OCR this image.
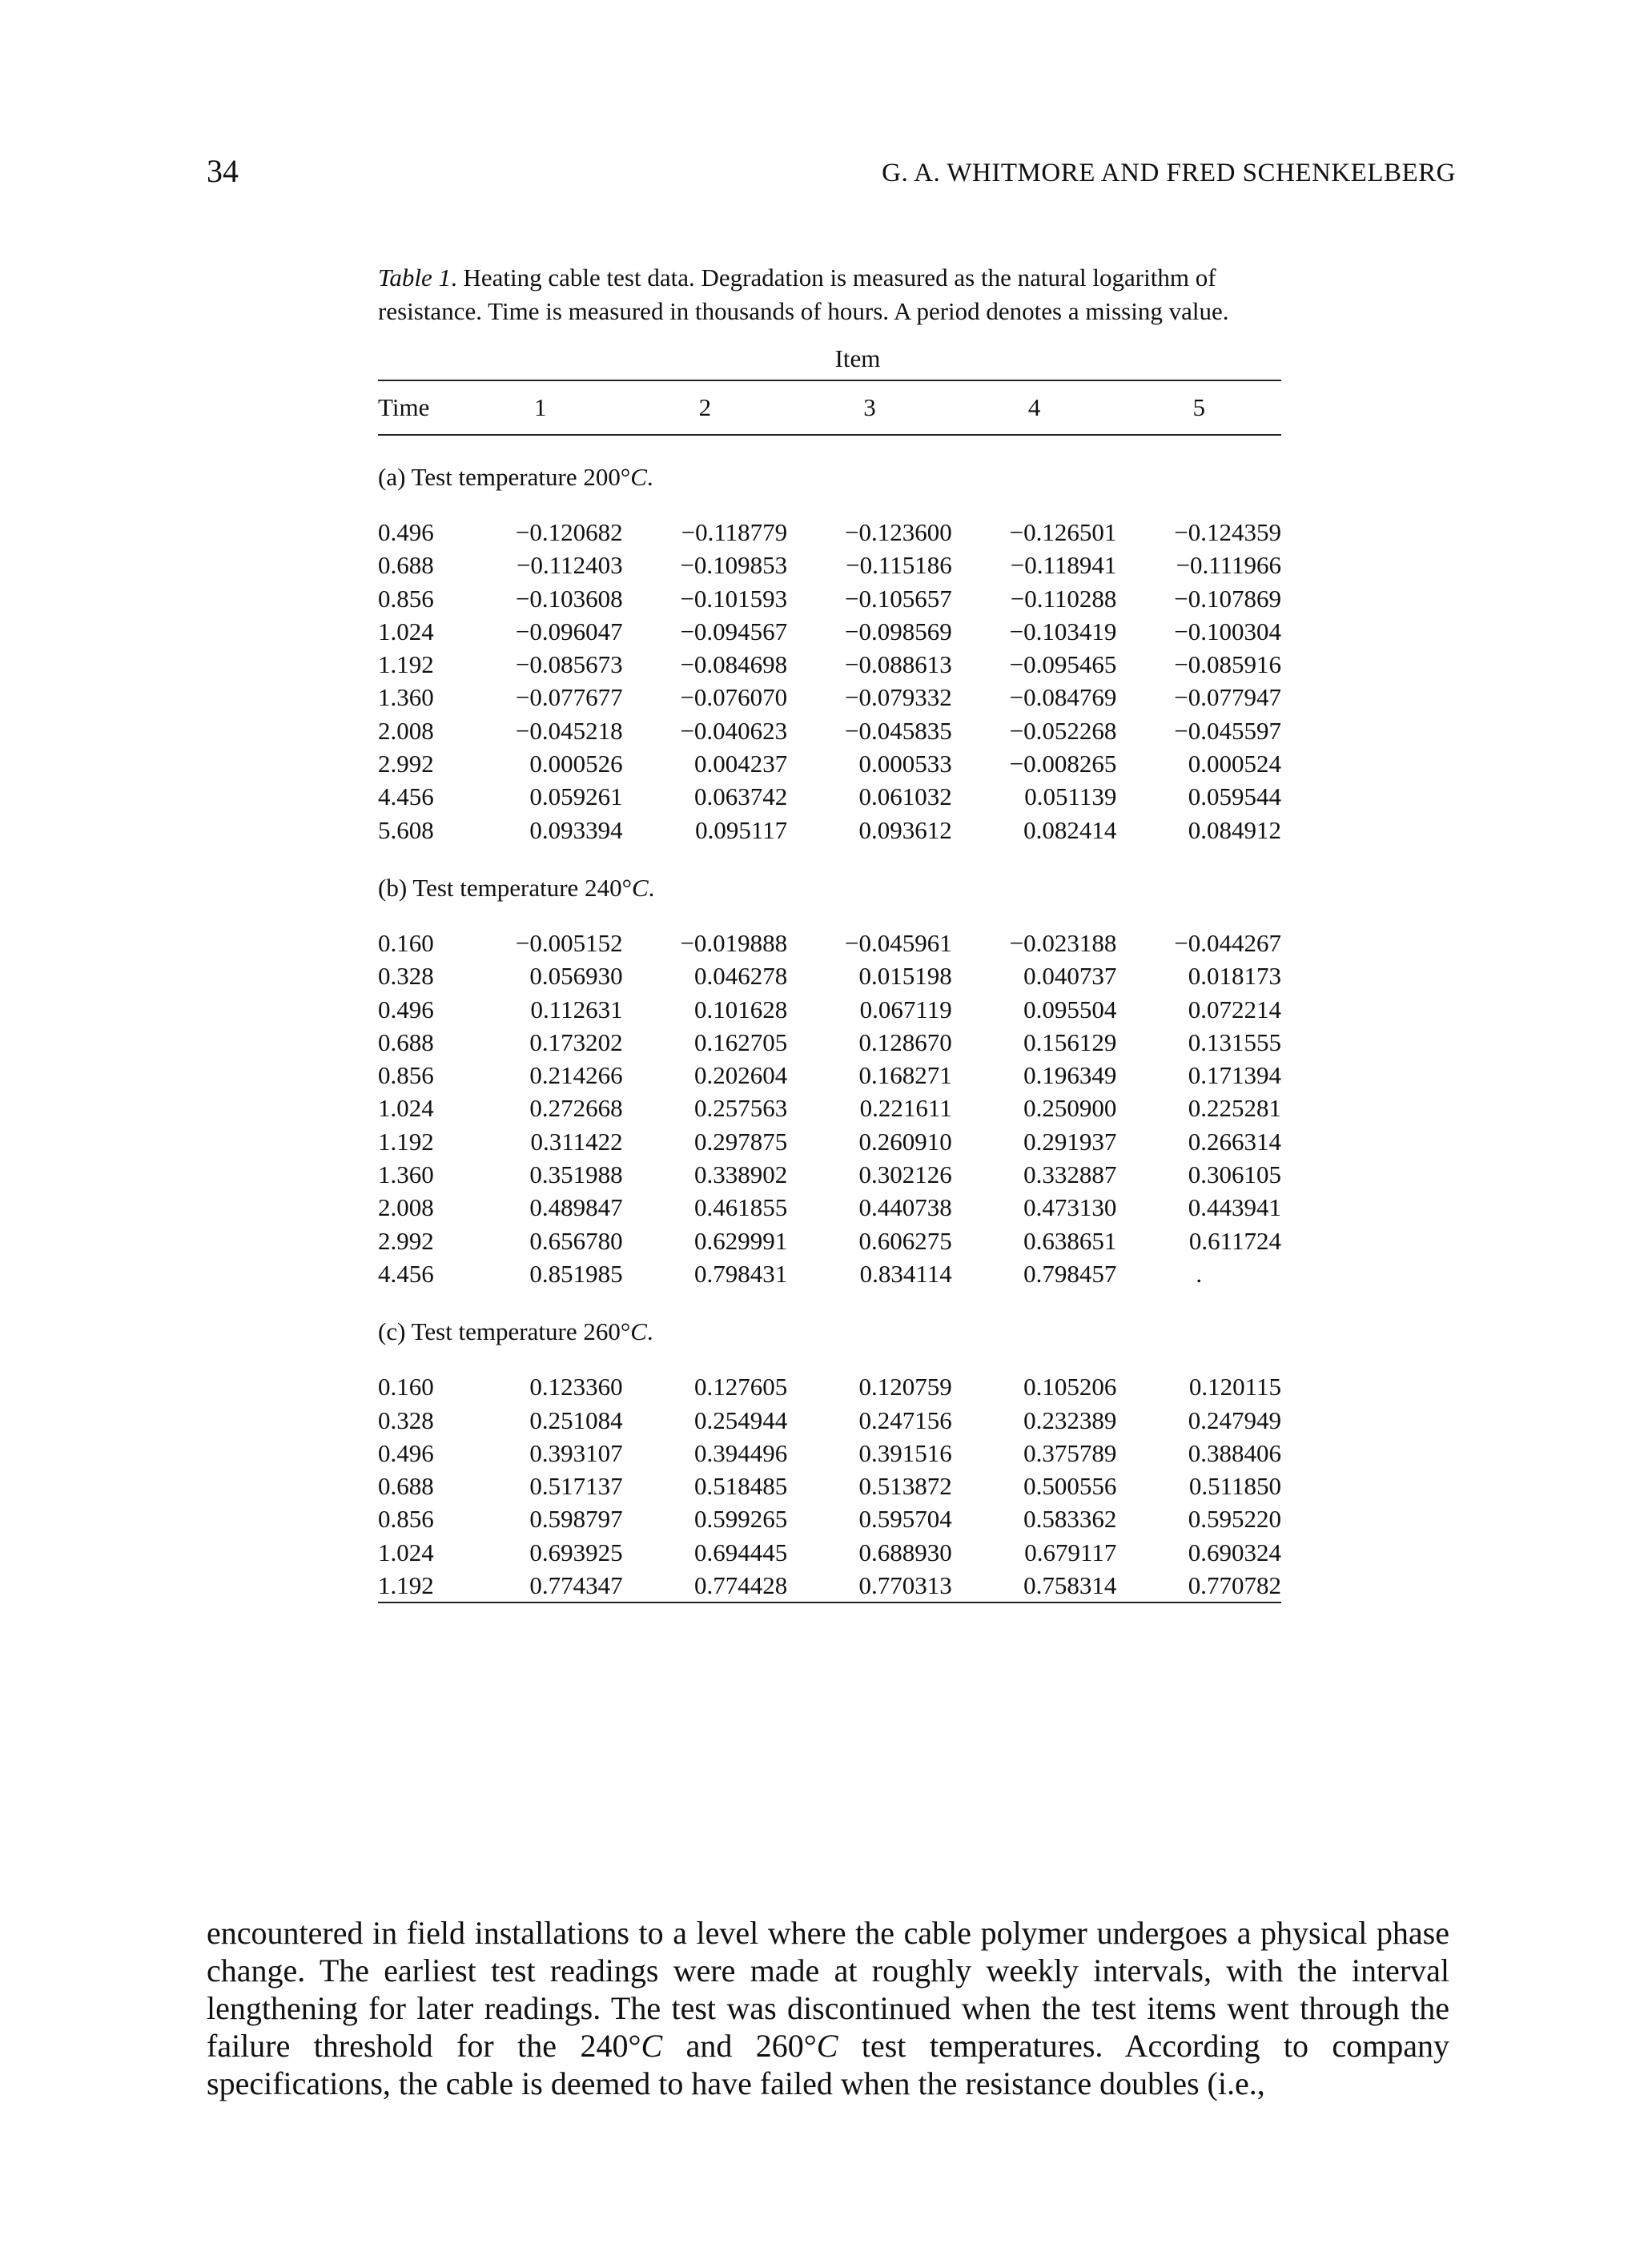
34	G. A. WHITMORE AND FRED SCHENKELBERG

Table 1. Heating cable test data. Degradation is measured as the natural logarithm of resistance. Time is measured in thousands of hours. A period denotes a missing value.

Item
Time	1	2	3	4	5
(a) Test temperature 200°C.					
0.496	−0.120682	−0.118779	−0.123600	−0.126501	−0.124359
0.688	−0.112403	−0.109853	−0.115186	−0.118941	−0.111966
0.856	−0.103608	−0.101593	−0.105657	−0.110288	−0.107869
1.024	−0.096047	−0.094567	−0.098569	−0.103419	−0.100304
1.192	−0.085673	−0.084698	−0.088613	−0.095465	−0.085916
1.360	−0.077677	−0.076070	−0.079332	−0.084769	−0.077947
2.008	−0.045218	−0.040623	−0.045835	−0.052268	−0.045597
2.992	0.000526	0.004237	0.000533	−0.008265	0.000524
4.456	0.059261	0.063742	0.061032	0.051139	0.059544
5.608	0.093394	0.095117	0.093612	0.082414	0.084912
(b) Test temperature 240°C.					
0.160	−0.005152	−0.019888	−0.045961	−0.023188	−0.044267
0.328	0.056930	0.046278	0.015198	0.040737	0.018173
0.496	0.112631	0.101628	0.067119	0.095504	0.072214
0.688	0.173202	0.162705	0.128670	0.156129	0.131555
0.856	0.214266	0.202604	0.168271	0.196349	0.171394
1.024	0.272668	0.257563	0.221611	0.250900	0.225281
1.192	0.311422	0.297875	0.260910	0.291937	0.266314
1.360	0.351988	0.338902	0.302126	0.332887	0.306105
2.008	0.489847	0.461855	0.440738	0.473130	0.443941
2.992	0.656780	0.629991	0.606275	0.638651	0.611724
4.456	0.851985	0.798431	0.834114	0.798457	.
(c) Test temperature 260°C.					
0.160	0.123360	0.127605	0.120759	0.105206	0.120115
0.328	0.251084	0.254944	0.247156	0.232389	0.247949
0.496	0.393107	0.394496	0.391516	0.375789	0.388406
0.688	0.517137	0.518485	0.513872	0.500556	0.511850
0.856	0.598797	0.599265	0.595704	0.583362	0.595220
1.024	0.693925	0.694445	0.688930	0.679117	0.690324
1.192	0.774347	0.774428	0.770313	0.758314	0.770782

encountered in field installations to a level where the cable polymer undergoes a physical phase change. The earliest test readings were made at roughly weekly intervals, with the interval lengthening for later readings. The test was discontinued when the test items went through the failure threshold for the 240°C and 260°C test temperatures. According to company specifications, the cable is deemed to have failed when the resistance doubles (i.e.,
